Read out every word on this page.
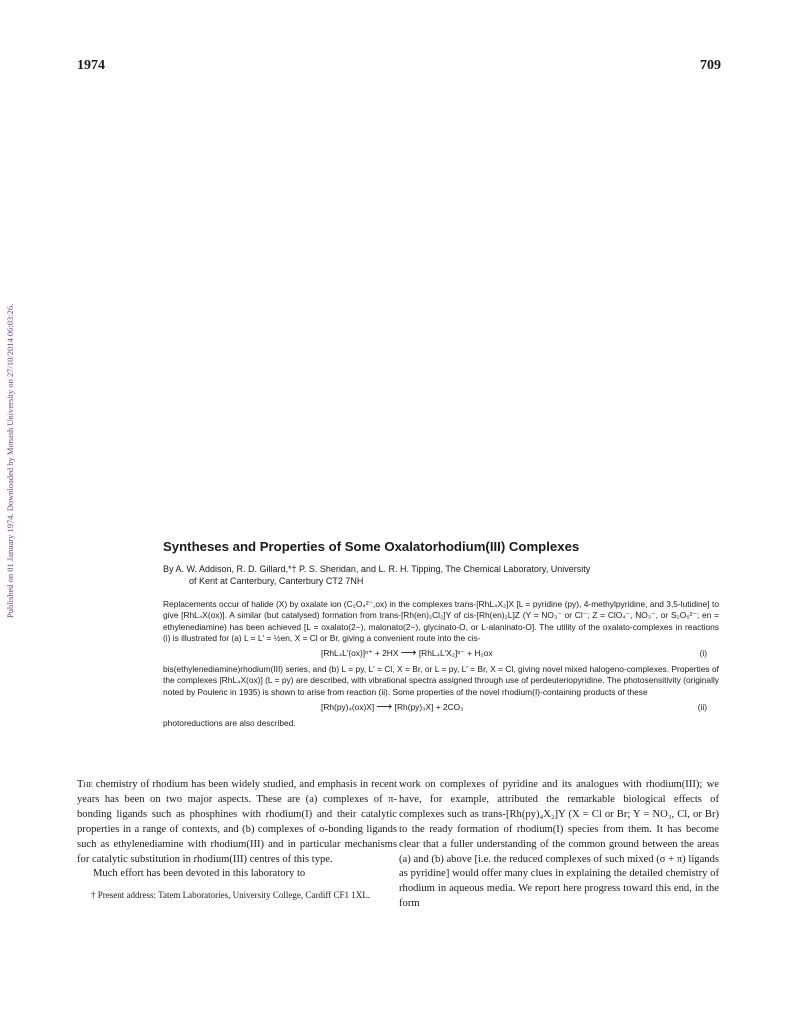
1974	709
Published on 01 January 1974. Downloaded by Monash University on 27/10/2014 06:03:26.	Syntheses and Properties of Some Oxalatorhodium(III) Complexes
By A. W. Addison, R. D. Gillard,*† P. S. Sheridan, and L. R. H. Tipping, The Chemical Laboratory, University
of Kent at Canterbury, Canterbury CT2 7NH

Replacements occur of halide (X) by oxalate ion (C₂O₄²⁻,ox) in the complexes trans-[RhL₄X₂]X [L = pyridine (py), 4-methylpyridine, and 3,5-lutidine] to give [RhL₄X(ox)]. A similar (but catalysed) formation from trans-[Rh(en)₂Cl₂]Y of cis-[Rh(en)₂L]Z (Y = NO₃⁻ or Cl⁻; Z = ClO₄⁻, NO₃⁻, or S₂O₆²⁻; en = ethylenediamine) has been achieved [L = oxalato(2−), malonato(2−), glycinato-O, or L-alaninato-O]. The utility of the oxalato-complexes in reactions (i) is illustrated for (a) L = L′ = ½en, X = Cl or Br, giving a convenient route into the cis-

[RhL₄L′(ox)]ⁿ⁺ + 2HX ⟶ [RhL₄L′X₂]ⁿ⁻ + H₂ox	(i)

bis(ethylenediamine)rhodium(III) series, and (b) L = py, L′ = Cl, X = Br, or L = py, L′ = Br, X = Cl, giving novel mixed halogeno-complexes. Properties of the complexes [RhL₄X(ox)] (L = py) are described, with vibrational spectra assigned through use of perdeuteriopyridine. The photosensitivity (originally noted by Poulenc in 1935) is shown to arise from reaction (ii). Some properties of the novel rhodium(I)-containing products of these

[Rh(py)₄(ox)X] ⟶ [Rh(py)₃X] + 2CO₂	(ii)

photoreductions are also described.

The chemistry of rhodium has been widely studied, and emphasis in recent years has been on two major aspects. These are (a) complexes of π-bonding ligands such as phosphines with rhodium(I) and their catalytic properties in a range of contexts, and (b) complexes of σ-bonding ligands such as ethylenediamine with rhodium(III) and in particular mechanisms for catalytic substitution in rhodium(III) centres of this type.

Much effort has been devoted in this laboratory to

† Present address: Tatem Laboratories, University College, Cardiff CF1 1XL.

work on complexes of pyridine and its analogues with rhodium(III); we have, for example, attributed the remarkable biological effects of complexes such as trans-[Rh(py)₄X₂]Y (X = Cl or Br; Y = NO₃, Cl, or Br) to the ready formation of rhodium(I) species from them. It has become clear that a fuller understanding of the common ground between the areas (a) and (b) above [i.e. the reduced complexes of such mixed (σ + π) ligands as pyridine] would offer many clues in explaining the detailed chemistry of rhodium in aqueous media. We report here progress toward this end, in the form
